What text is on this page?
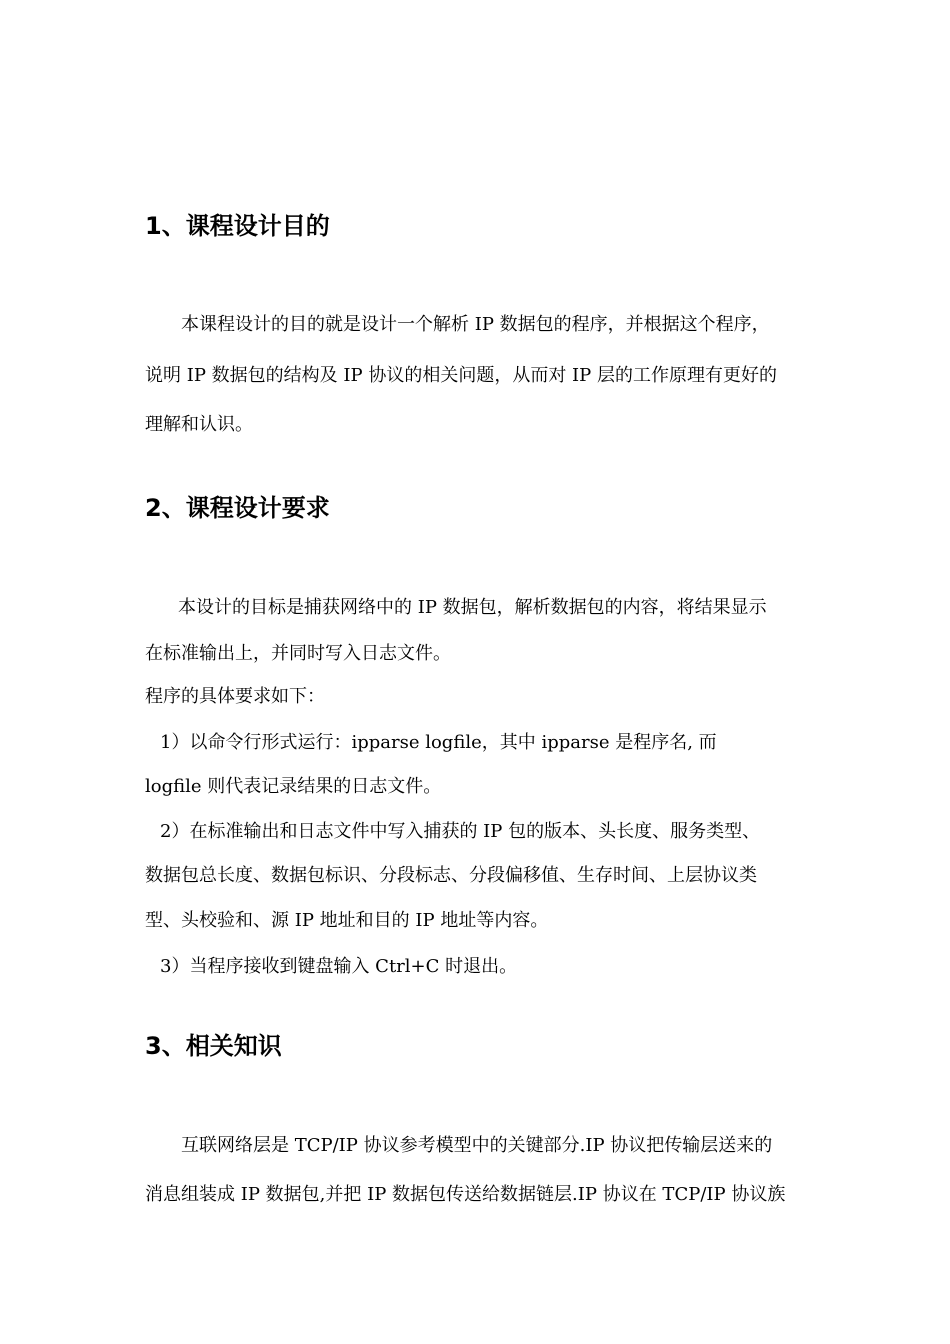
1、课程设计目的
本课程设计的目的就是设计一个解析 IP 数据包的程序，并根据这个程序，
说明 IP 数据包的结构及 IP 协议的相关问题，从而对 IP 层的工作原理有更好的
理解和认识。
2、课程设计要求
本设计的目标是捕获网络中的 IP 数据包，解析数据包的内容，将结果显示
在标准输出上，并同时写入日志文件。
程序的具体要求如下：
1）以命令行形式运行：ipparse logfile，其中 ipparse 是程序名, 而
logfile 则代表记录结果的日志文件。
2）在标准输出和日志文件中写入捕获的 IP 包的版本、头长度、服务类型、
数据包总长度、数据包标识、分段标志、分段偏移值、生存时间、上层协议类
型、头校验和、源 IP 地址和目的 IP 地址等内容。
3）当程序接收到键盘输入 Ctrl+C 时退出。
3、相关知识
互联网络层是 TCP/IP 协议参考模型中的关键部分.IP 协议把传输层送来的
消息组装成 IP 数据包,并把 IP 数据包传送给数据链层.IP 协议在 TCP/IP 协议族
